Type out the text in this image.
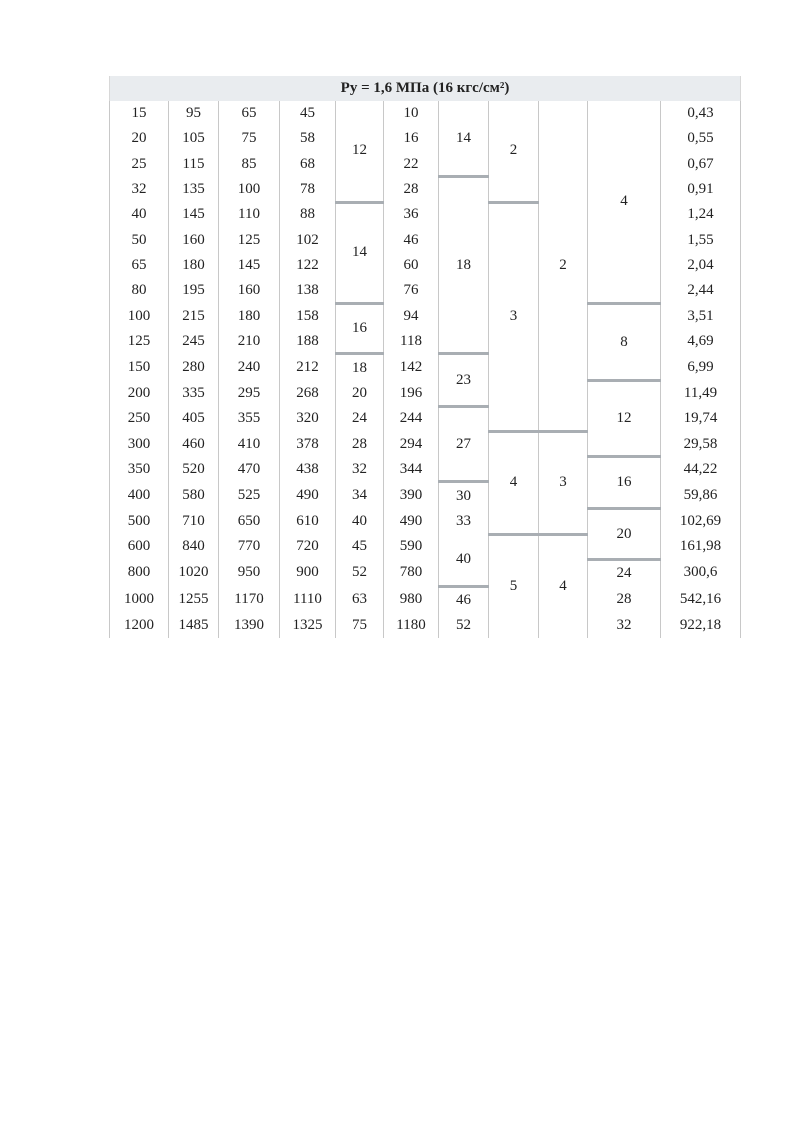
Py = 1,6 МПа (16 кгс/см²)										
15	95	65	45	12	10	14	2	2	4	0,43
20	105	75	58		16					0,55
25	115	85	68		22					0,67
32	135	100	78		28	18				0,91
40	145	110	88	14	36		3			1,24
50	160	125	102		46					1,55
65	180	145	122		60					2,04
80	195	160	138		76					2,44
100	215	180	158	16	94				8	3,51
125	245	210	188		118					4,69
150	280	240	212	18	142	23				6,99
200	335	295	268	20	196				12	11,49
250	405	355	320	24	244	27				19,74
300	460	410	378	28	294		4	3		29,58
350	520	470	438	32	344				16	44,22
400	580	525	490	34	390	30				59,86
500	710	650	610	40	490	33			20	102,69
600	840	770	720	45	590	40	5	4		161,98
800	1020	950	900	52	780				24	300,6
1000	1255	1170	1110	63	980	46			28	542,16
1200	1485	1390	1325	75	1180	52			32	922,18
